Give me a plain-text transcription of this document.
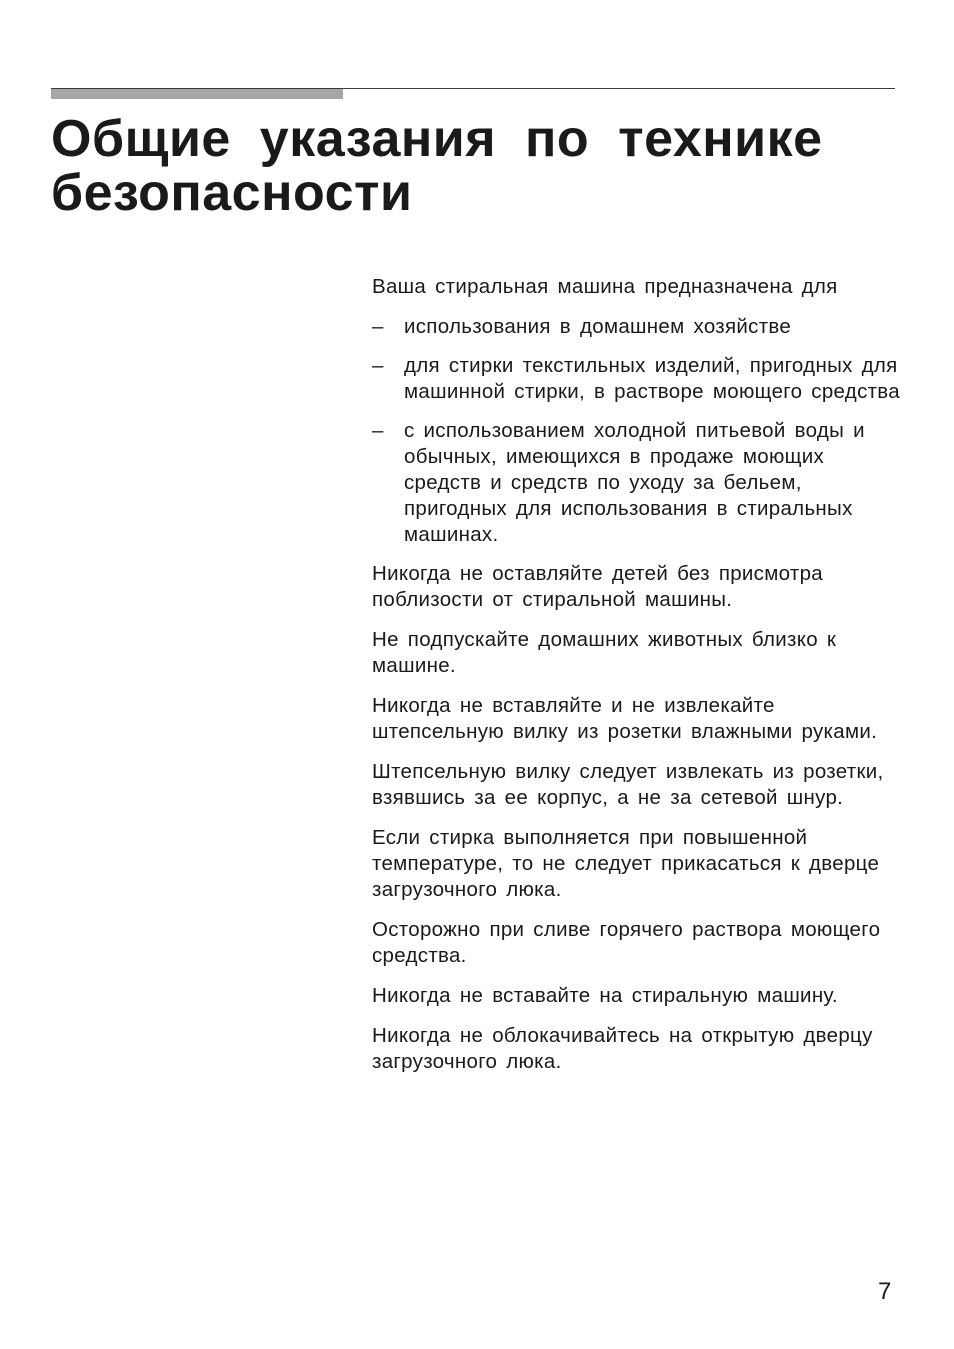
Общие указания по технике
безопасности

Ваша стиральная машина предназначена для

– использования в домашнем хозяйстве
– для стирки текстильных изделий, пригодных для машинной стирки, в растворе моющего средства
– с использованием холодной питьевой воды и обычных, имеющихся в продаже моющих средств и средств по уходу за бельем, пригодных для использования в стиральных машинах.

Никогда не оставляйте детей без присмотра поблизости от стиральной машины.

Не подпускайте домашних животных близко к машине.

Никогда не вставляйте и не извлекайте штепсельную вилку из розетки влажными руками.

Штепсельную вилку следует извлекать из розетки, взявшись за ее корпус, а не за сетевой шнур.

Если стирка выполняется при повышенной температуре, то не следует прикасаться к дверце загрузочного люка.

Осторожно при сливе горячего раствора моющего средства.

Никогда не вставайте на стиральную машину.

Никогда не облокачивайтесь на открытую дверцу загрузочного люка.

7
